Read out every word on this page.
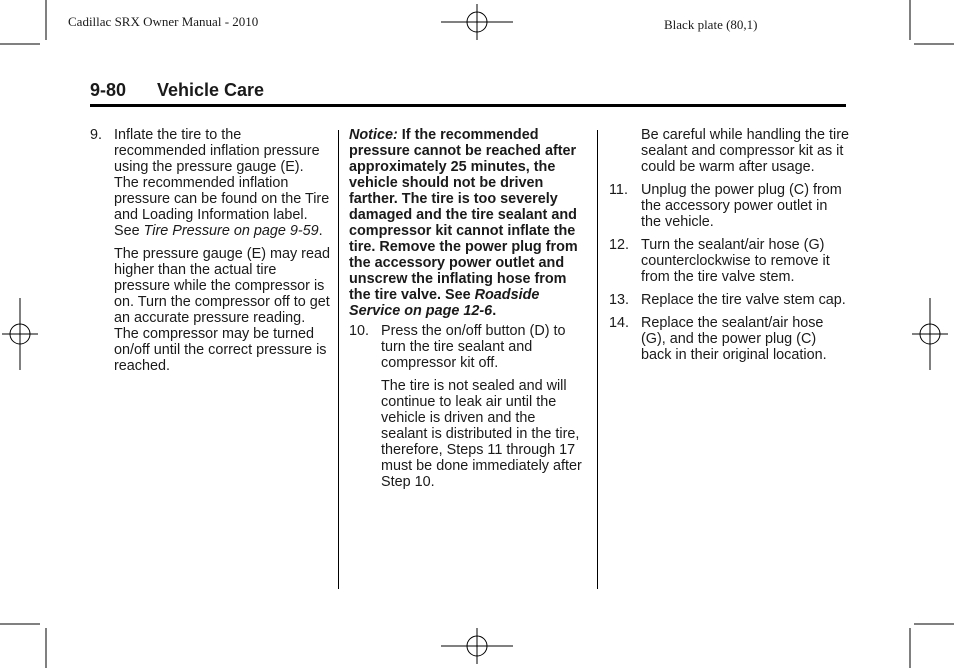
Cadillac SRX Owner Manual - 2010	Black plate (80,1)
9-80 Vehicle Care
9. Inflate the tire to the recommended inflation pressure using the pressure gauge (E). The recommended inflation pressure can be found on the Tire and Loading Information label. See Tire Pressure on page 9-59.

The pressure gauge (E) may read higher than the actual tire pressure while the compressor is on. Turn the compressor off to get an accurate pressure reading. The compressor may be turned on/off until the correct pressure is reached.

Notice: If the recommended pressure cannot be reached after approximately 25 minutes, the vehicle should not be driven farther. The tire is too severely damaged and the tire sealant and compressor kit cannot inflate the tire. Remove the power plug from the accessory power outlet and unscrew the inflating hose from the tire valve. See Roadside Service on page 12-6.

10. Press the on/off button (D) to turn the tire sealant and compressor kit off.

The tire is not sealed and will continue to leak air until the vehicle is driven and the sealant is distributed in the tire, therefore, Steps 11 through 17 must be done immediately after Step 10.

Be careful while handling the tire sealant and compressor kit as it could be warm after usage.

11. Unplug the power plug (C) from the accessory power outlet in the vehicle.

12. Turn the sealant/air hose (G) counterclockwise to remove it from the tire valve stem.

13. Replace the tire valve stem cap.

14. Replace the sealant/air hose (G), and the power plug (C) back in their original location.
